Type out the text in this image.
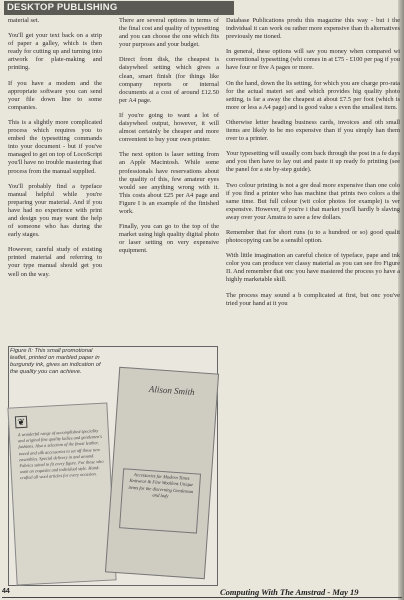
DESKTOP PUBLISHING

material set.

You'll get your text back on a strip of paper a galley, which is then ready for cutting up and turning into artwork for plate-making and printing.

If you have a modem and the appropriate software you can send your file down line to some companies.

This is a slightly more complicated process which requires you to embed the typesetting commands into your document - but if you've managed to get on top of LocoScript you'll have no trouble mastering that process from the manual supplied.

You'll probably find a typeface manual helpful while you're preparing your material. And if you have had no experience with print and design you may want the help of someone who has during the early stages.

However, careful study of existing printed material and referring to your type manual should get you well on the way.

There are several options in terms of the final cost and quality of typesetting and you can choose the one which fits your purposes and your budget.

Direct from disk, the cheapest is daisywheel setting which gives a clean, smart finish (for things like company reports or internal documents at a cost of around £12.50 per A4 page.

If you're going to want a lot of daisywheel output, however, it will almost certainly be cheaper and more convenient to buy your own printer.

The next option is laser setting from an Apple Macintosh. While some professionals have reservations about the quality of this, few amateur eyes would see anything wrong with it. This costs about £25 per A4 page and Figure I is an example of the finished work.

Finally, you can go to the top of the market using high quality digital photo or laser setting on very expensive equipment.

Database Publications produ this magazine this way - but i the individual it can work ou rather more expensive than th alternatives previously me tioned.

In general, these options will sav you money when compared wi conventional typesetting (whi comes in at £75 - £100 per pag if you have four or five A pages or more.

On the hand, down the lis setting, for which you are charge pro-rata for the actual materi set and which provides hig quality photo setting, is far a away the cheapest at about £7.5 per foot (which is more or less a A4 page) and is good value s even the smallest item.

Otherwise letter heading business cards, invoices and oth small items are likely to be mo expensive than if you simply han them over to a printer.

Your typesetting will usually com back through the post in a fe days and you then have to lay out and paste it up ready fo printing (see the panel for a ste by-step guide).

Two colour printing is not a gre deal more expensive than one colo if you find a printer who has machine that prints two colors a the same time. But full colour (wit color photos for example) is ver expensive. However, if you're i that market you'll hardly b slaving away over your Amstra to save a few dollars.

Remember that for short runs (u to a hundred or so) good qualit photocopying can be a sensibl option.

With little imagination an careful choice of typeface, pape and ink color you can produce ver classy material as you can see fro Figure II. And remember that onc you have mastered the process yo have a highly marketable skill.

The process may sound a b complicated at first, but onc you've tried your hand at it you

Figure II: This small promotional leaflet, printed on marbled paper in burgundy ink, gives an indication of the quality you can achieve.
❦
A wonderful range of accomplished speciality and original fine quality ladies and gentlemen's fashions. Also a selection of the finest leather, tweed and silk accessories to set off those new ensembles. Special delivery in and around. Fabrics suited to fit every figure. For those who want an exquisite and individual style. Hand-crafted all wool articles for every occasion.
Alison Smith
Accessories for Modern Times Knitwear & Fine Woollens Unique items for the discerning Gentleman and lady
44	Computing With The Amstrad - May 19
